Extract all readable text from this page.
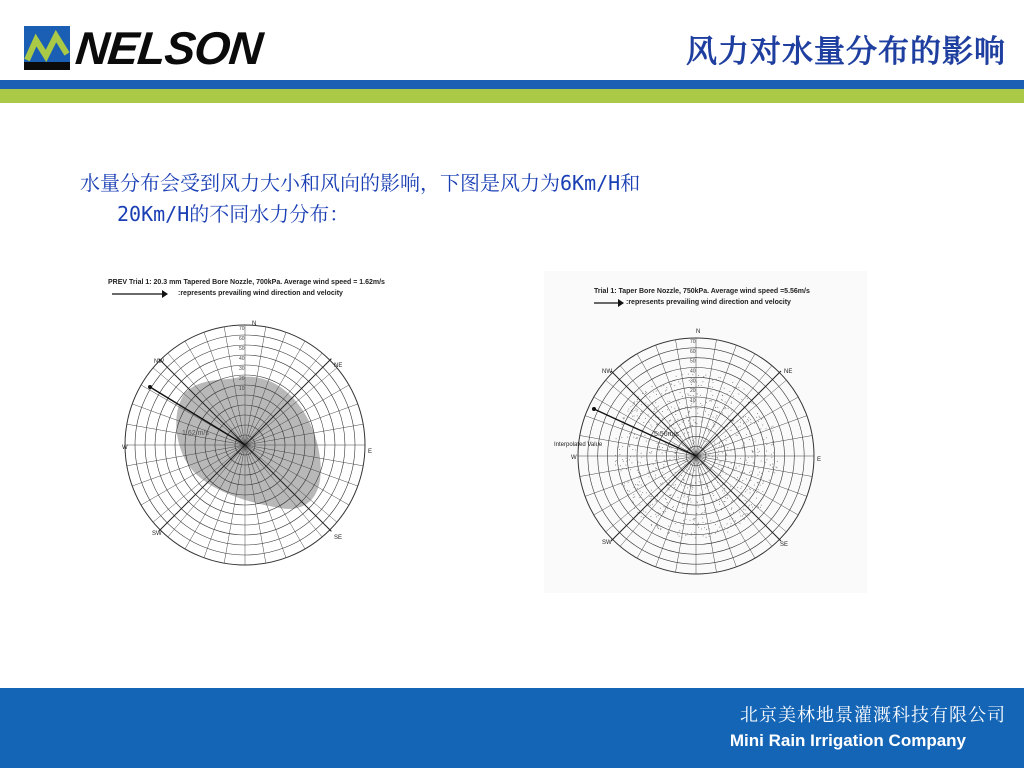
NELSON	风力对水量分布的影响
水量分布会受到风力大小和风向的影响，下图是风力为6Km/H和

20Km/H的不同水力分布：
PREV Trial 1: 20.3 mm Tapered Bore Nozzle, 700kPa. Average wind speed = 1.62m/s
:represents prevailing wind direction and velocity
70
60
50
40
30
20
10
N
NE
E
SE
SW
W
NW
1.62 m/s
Trial 1: Taper Bore Nozzle, 750kPa. Average wind speed =5.56m/s
:represents prevailing wind direction and velocity
70
60
50
40
30
20
10
N
NE
E
SE
SW
W
NW
Interpolated Value
5.56m/s
北京美林地景灌溉科技有限公司
Mini Rain Irrigation Company
